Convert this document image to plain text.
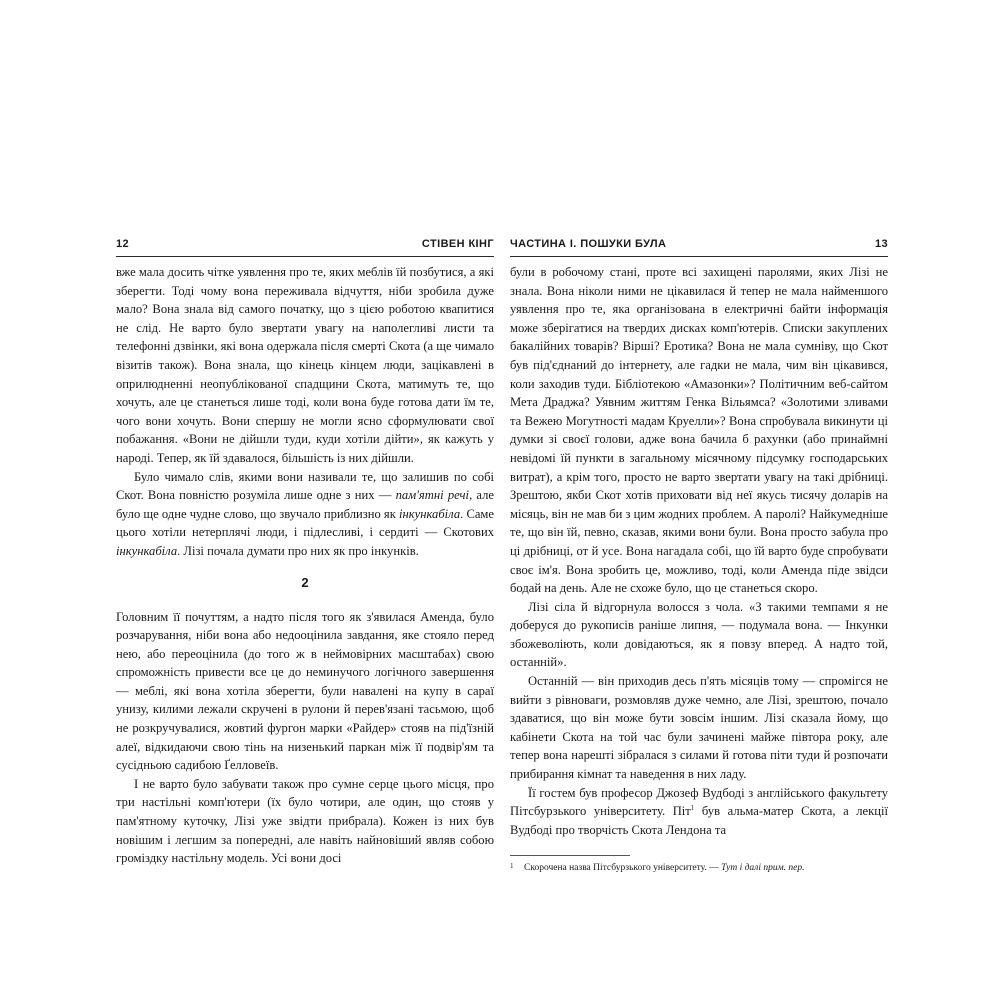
12	СТІВЕН КІНГ

вже мала досить чітке уявлення про те, яких меблів їй позбутися, а які зберегти. Тоді чому вона переживала відчуття, ніби зробила дуже мало? Вона знала від самого початку, що з цією роботою квапитися не слід. Не варто було звертати увагу на наполегливі листи та телефонні дзвінки, які вона одержала після смерті Скота (а ще чимало візитів також). Вона знала, що кінець кінцем люди, зацікавлені в оприлюдненні неопублікованої спадщини Скота, матимуть те, що хочуть, але це станеться лише тоді, коли вона буде готова дати їм те, чого вони хочуть. Вони спершу не могли ясно сформулювати свої побажання. «Вони не дійшли туди, куди хотіли дійти», як кажуть у народі. Тепер, як їй здавалося, більшість із них дійшли.

Було чимало слів, якими вони називали те, що залишив по собі Скот. Вона повністю розуміла лише одне з них — пам'ятні речі, але було ще одне чудне слово, що звучало приблизно як інкункабіла. Саме цього хотіли нетерплячі люди, і підлесливі, і сердиті — Скотових інкункабіла. Лізі почала думати про них як про інкунків.

2

Головним її почуттям, а надто після того як з'явилася Аменда, було розчарування, ніби вона або недооцінила завдання, яке стояло перед нею, або переоцінила (до того ж в неймовірних масштабах) свою спроможність привести все це до неминучого логічного завершення — меблі, які вона хотіла зберегти, були навалені на купу в сараї унизу, килими лежали скручені в рулони й перев'язані тасьмою, щоб не розкручувалися, жовтий фургон марки «Райдер» стояв на під'їзній алеї, відкидаючи свою тінь на низенький паркан між її подвір'ям та сусідньою садибою Ґелловеїв.

І не варто було забувати також про сумне серце цього місця, про три настільні комп'ютери (їх було чотири, але один, що стояв у пам'ятному куточку, Лізі уже звідти прибрала). Кожен із них був новішим і легшим за попередні, але навіть найновіший являв собою громіздку настільну модель. Усі вони досі

ЧАСТИНА І. ПОШУКИ БУЛА	13

були в робочому стані, проте всі захищені паролями, яких Лізі не знала. Вона ніколи ними не цікавилася й тепер не мала найменшого уявлення про те, яка організована в електричні байти інформація може зберігатися на твердих дисках комп'ютерів. Списки закуплених бакалійних товарів? Вірші? Еротика? Вона не мала сумніву, що Скот був під'єднаний до інтернету, але гадки не мала, чим він цікавився, коли заходив туди. Бібліотекою «Амазонки»? Політичним веб-сайтом Мета Драджа? Уявним життям Генка Вільямса? «Золотими зливами та Вежею Могутності мадам Круелли»? Вона спробувала викинути ці думки зі своєї голови, адже вона бачила б рахунки (або принаймні невідомі їй пункти в загальному місячному підсумку господарських витрат), а крім того, просто не варто звертати увагу на такі дрібниці. Зрештою, якби Скот хотів приховати від неї якусь тисячу доларів на місяць, він не мав би з цим жодних проблем. А паролі? Найкумедніше те, що він їй, певно, сказав, якими вони були. Вона просто забула про ці дрібниці, от й усе. Вона нагадала собі, що їй варто буде спробувати своє ім'я. Вона зробить це, можливо, тоді, коли Аменда піде звідси бодай на день. Але не схоже було, що це станеться скоро.

Лізі сіла й відгорнула волосся з чола. «З такими темпами я не доберуся до рукописів раніше липня, — подумала вона. — Інкунки збожеволіють, коли довідаються, як я повзу вперед. А надто той, останній».

Останній — він приходив десь п'ять місяців тому — спромігся не вийти з рівноваги, розмовляв дуже чемно, але Лізі, зрештою, почало здаватися, що він може бути зовсім іншим. Лізі сказала йому, що кабінети Скота на той час були зачинені майже півтора року, але тепер вона нарешті зібралася з силами й готова піти туди й розпочати прибирання кімнат та наведення в них ладу.

Її гостем був професор Джозеф Вудбоді з англійського факультету Пітсбурзького університету. Піт$^1$ був альма-матер Скота, а лекції Вудбоді про творчість Скота Лендона та

1 Скорочена назва Пітсбурзького університету. — Тут і далі прим. пер.
